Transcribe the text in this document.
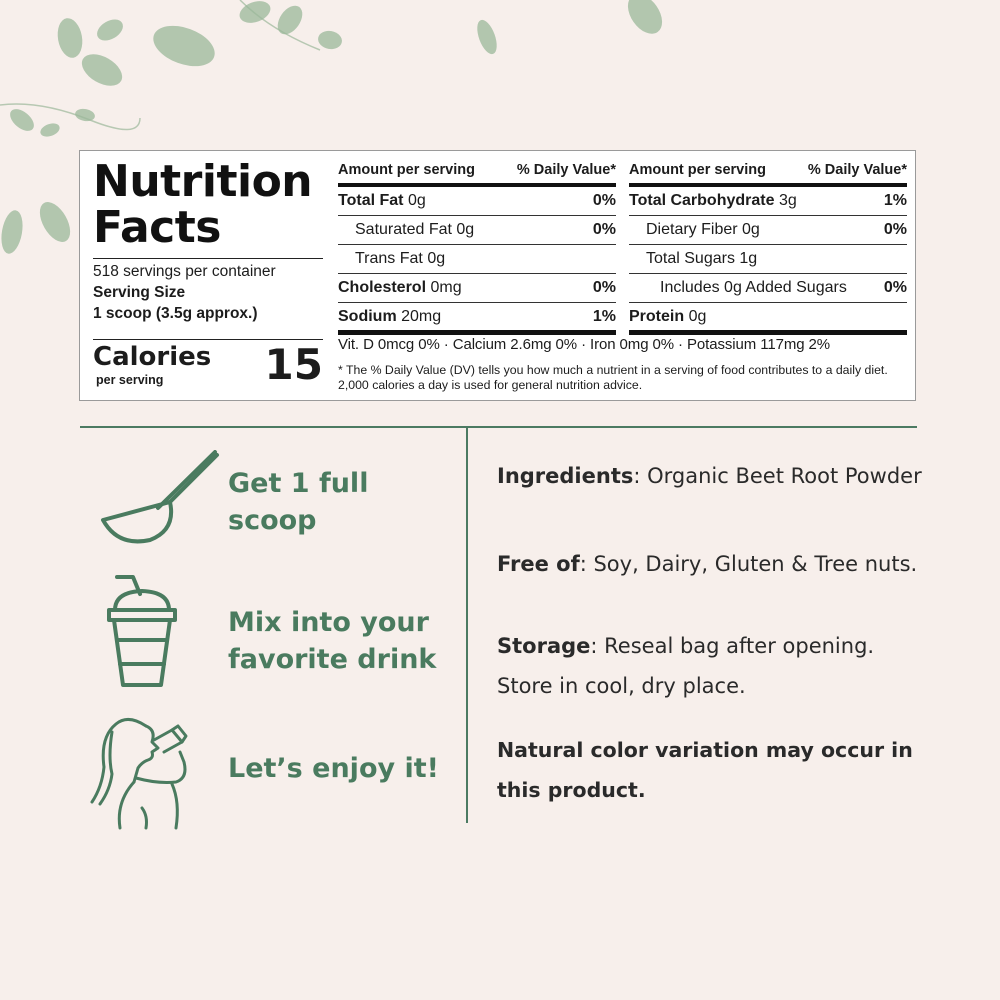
Nutrition
Facts
518 servings per container
Serving Size
1 scoop (3.5g approx.)
Calories
per serving 15
Amount per serving	% Daily Value*
Total Fat 0g	0%
Saturated Fat 0g	0%
Trans Fat 0g
Cholesterol 0mg	0%
Sodium 20mg	1%
Amount per serving	% Daily Value*
Total Carbohydrate 3g	1%
Dietary Fiber 0g	0%
Total Sugars 1g
Includes 0g Added Sugars 0%
Protein 0g
Vit. D 0mcg 0% · Calcium 2.6mg 0% · Iron 0mg 0% · Potassium 117mg 2%
* The % Daily Value (DV) tells you how much a nutrient in a serving of food contributes to a daily diet. 2,000 calories a day is used for general nutrition advice.
Get 1 full
scoop
Mix into your
favorite drink
Let’s enjoy it!
Ingredients: Organic Beet Root Powder
Free of: Soy, Dairy, Gluten & Tree nuts.
Storage: Reseal bag after opening.
Store in cool, dry place.
Natural color variation may occur in
this product.
